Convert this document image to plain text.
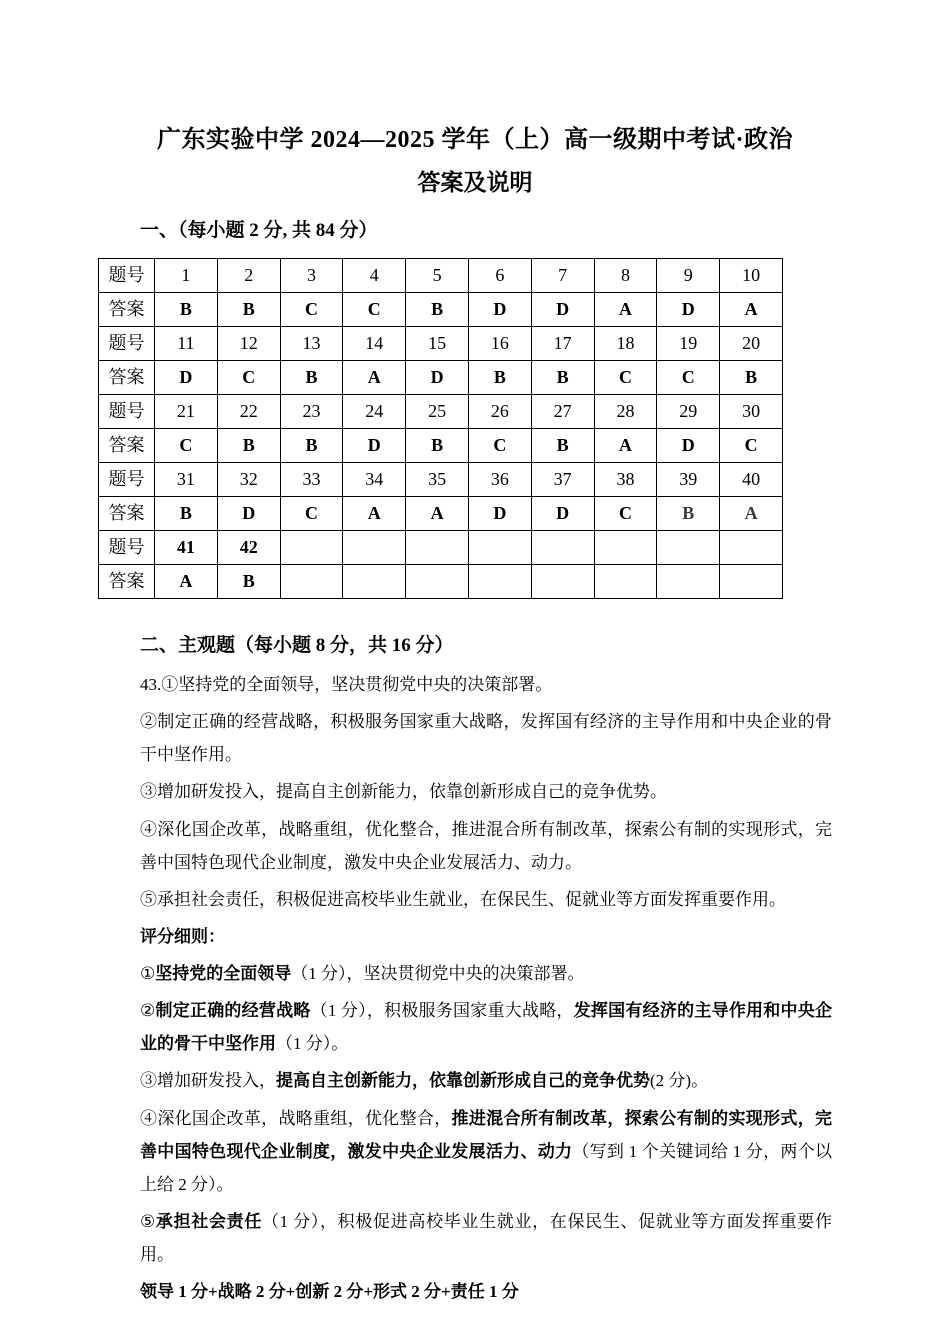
广东实验中学 2024—2025 学年（上）高一级期中考试·政治
答案及说明
一、（每小题 2 分, 共 84 分）
题号	1	2	3	4	5	6	7	8	9	10
答案	B	B	C	C	B	D	D	A	D	A
题号	11	12	13	14	15	16	17	18	19	20
答案	D	C	B	A	D	B	B	C	C	B
题号	21	22	23	24	25	26	27	28	29	30
答案	C	B	B	D	B	C	B	A	D	C
题号	31	32	33	34	35	36	37	38	39	40
答案	B	D	C	A	A	D	D	C	B	A
题号	41	42								
答案	A	B								
二、主观题（每小题 8 分，共 16 分）

43.①坚持党的全面领导，坚决贯彻党中央的决策部署。

②制定正确的经营战略，积极服务国家重大战略，发挥国有经济的主导作用和中央企业的骨干中坚作用。

③增加研发投入，提高自主创新能力，依靠创新形成自己的竞争优势。

④深化国企改革，战略重组，优化整合，推进混合所有制改革，探索公有制的实现形式，完善中国特色现代企业制度，激发中央企业发展活力、动力。

⑤承担社会责任，积极促进高校毕业生就业，在保民生、促就业等方面发挥重要作用。

评分细则：

①坚持党的全面领导（1 分），坚决贯彻党中央的决策部署。

②制定正确的经营战略（1 分），积极服务国家重大战略，发挥国有经济的主导作用和中央企业的骨干中坚作用（1 分）。

③增加研发投入，提高自主创新能力，依靠创新形成自己的竞争优势(2 分)。

④深化国企改革，战略重组，优化整合，推进混合所有制改革，探索公有制的实现形式，完善中国特色现代企业制度，激发中央企业发展活力、动力（写到 1 个关键词给 1 分，两个以上给 2 分）。

⑤承担社会责任（1 分），积极促进高校毕业生就业，在保民生、促就业等方面发挥重要作用。

领导 1 分+战略 2 分+创新 2 分+形式 2 分+责任 1 分
